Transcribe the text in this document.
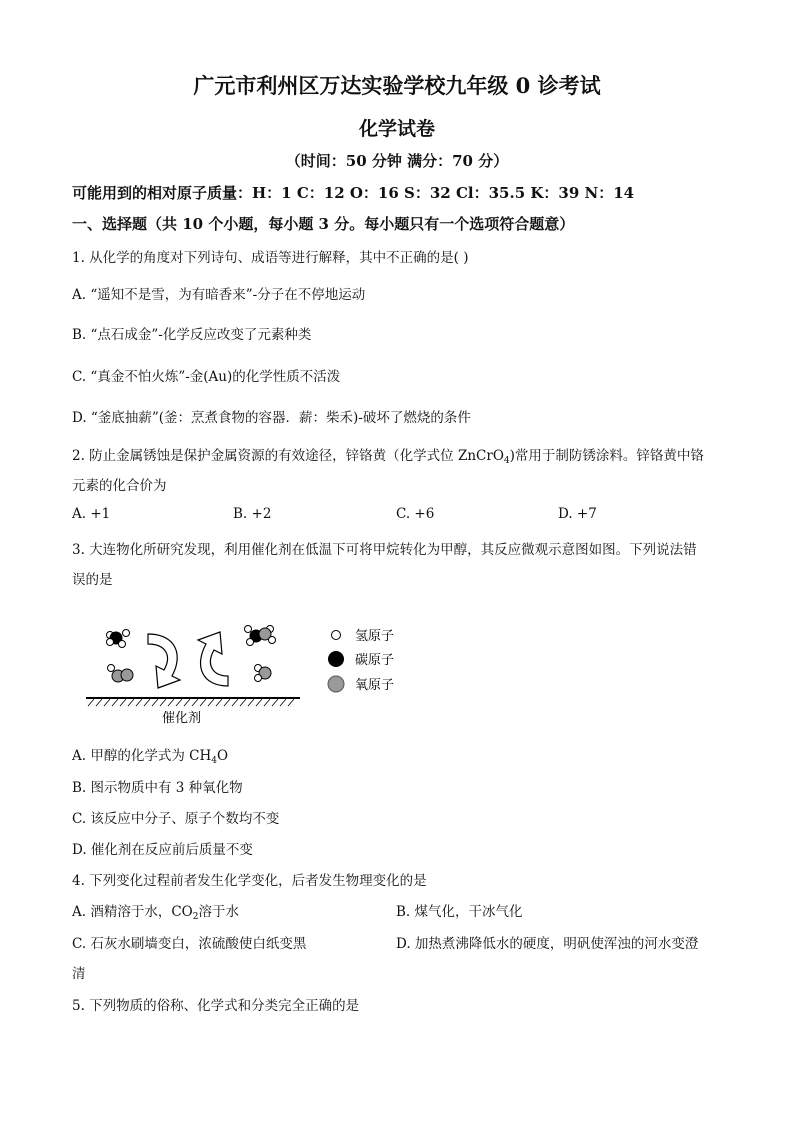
广元市利州区万达实验学校九年级 0 诊考试
化学试卷
（时间：50 分钟 满分：70 分）
可能用到的相对原子质量：H：1 C：12 O：16 S：32 Cl：35.5 K：39 N：14
一、选择题（共 10 个小题，每小题 3 分。每小题只有一个选项符合题意）
1. 从化学的角度对下列诗句、成语等进行解释，其中不正确的是( )
A. “遥知不是雪，为有暗香来”-分子在不停地运动
B. “点石成金”-化学反应改变了元素种类
C. “真金不怕火炼”-金(Au)的化学性质不活泼
D. “釜底抽薪”(釜：烹煮食物的容器．薪：柴禾)-破坏了燃烧的条件
2. 防止金属锈蚀是保护金属资源的有效途径，锌铬黄（化学式位 ZnCrO$_4$)常用于制防锈涂料。锌铬黄中铬
元素的化合价为
A. +1	B. +2	C. +6	D. +7
3. 大连物化所研究发现，利用催化剂在低温下可将甲烷转化为甲醇，其反应微观示意图如图。下列说法错
误的是
催化剂
氢原子
碳原子
氧原子
A. 甲醇的化学式为 $CH_4O$
B. 图示物质中有 3 种氧化物
C. 该反应中分子、原子个数均不变
D. 催化剂在反应前后质量不变
4. 下列变化过程前者发生化学变化，后者发生物理变化的是
A. 酒精溶于水，$CO_2$溶于水	B. 煤气化，干冰气化
C. 石灰水刷墙变白，浓硫酸使白纸变黑	D. 加热煮沸降低水的硬度，明矾使浑浊的河水变澄
清
5. 下列物质的俗称、化学式和分类完全正确的是
